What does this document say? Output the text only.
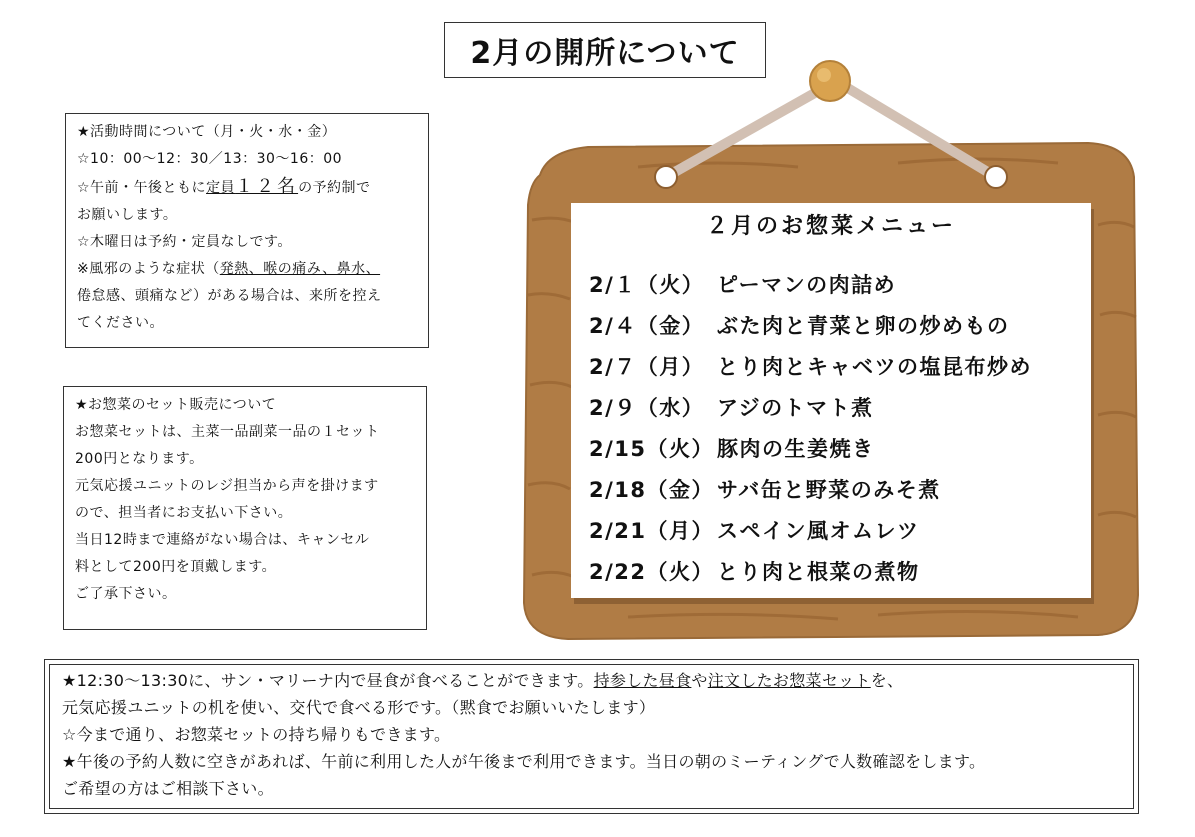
2月の開所について
★活動時間について（月・火・水・金）
☆10：00～12：30／13：30～16：00
☆午前・午後ともに定員１２名の予約制で
お願いします。
☆木曜日は予約・定員なしです。
※風邪のような症状（発熱、喉の痛み、鼻水、
倦怠感、頭痛など）がある場合は、来所を控え
てください。
★お惣菜のセット販売について
お惣菜セットは、主菜一品副菜一品の１セット
200円となります。
元気応援ユニットのレジ担当から声を掛けます
ので、担当者にお支払い下さい。
当日12時まで連絡がない場合は、キャンセル
料として200円を頂戴します。
ご了承下さい。
２月のお惣菜メニュー
2/１（火） ピーマンの肉詰め
2/４（金） ぶた肉と青菜と卵の炒めもの
2/７（月） とり肉とキャベツの塩昆布炒め
2/９（水） アジのトマト煮
2/15（火） 豚肉の生姜焼き
2/18（金） サバ缶と野菜のみそ煮
2/21（月） スペイン風オムレツ
2/22（火） とり肉と根菜の煮物
★12:30～13:30に、サン・マリーナ内で昼食が食べることができます。持参した昼食や注文したお惣菜セットを、
元気応援ユニットの机を使い、交代で食べる形です。（黙食でお願いいたします）
☆今まで通り、お惣菜セットの持ち帰りもできます。
★午後の予約人数に空きがあれば、午前に利用した人が午後まで利用できます。当日の朝のミーティングで人数確認をします。
ご希望の方はご相談下さい。
